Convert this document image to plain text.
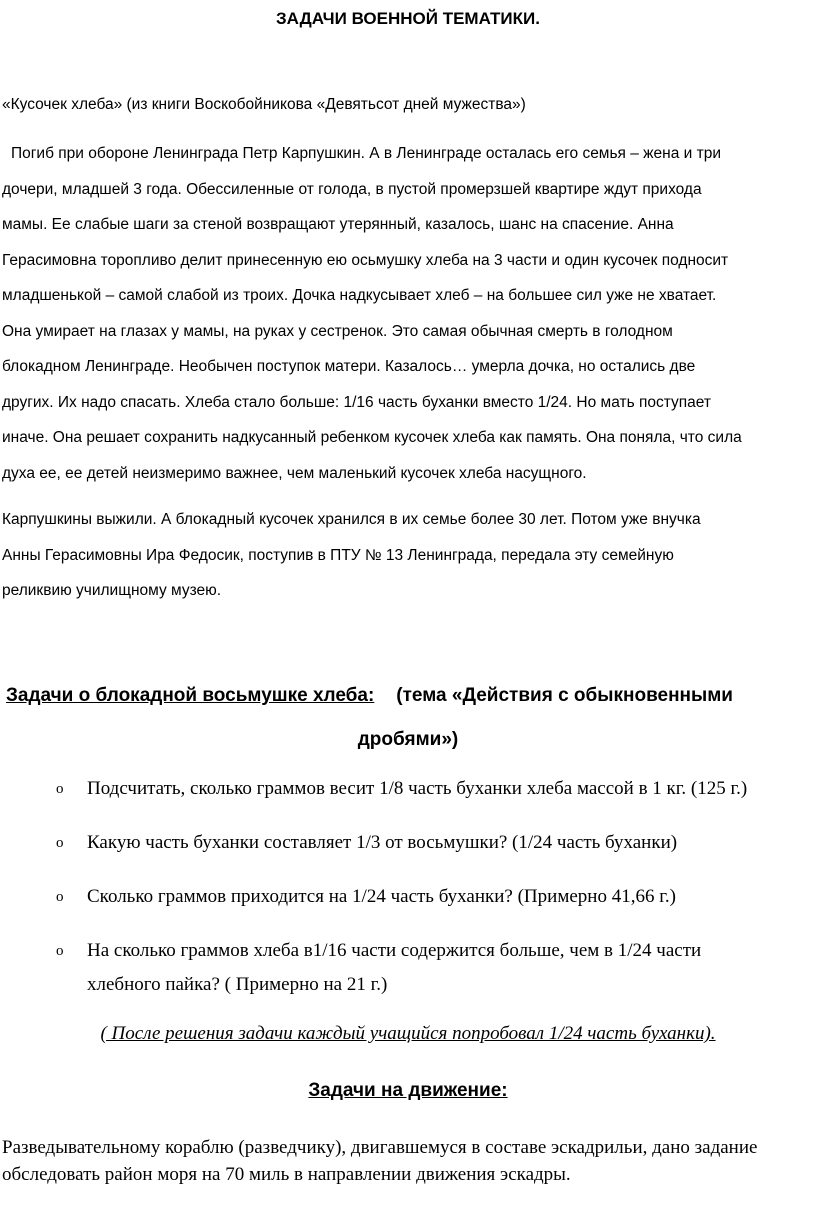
ЗАДАЧИ ВОЕННОЙ ТЕМАТИКИ.
«Кусочек хлеба» (из книги Воскобойникова «Девятьсот дней мужества»)

Погиб при обороне Ленинграда Петр Карпушкин. А в Ленинграде осталась его семья – жена и три
дочери, младшей 3 года. Обессиленные от голода, в пустой промерзшей квартире ждут прихода
мамы. Ее слабые шаги за стеной возвращают утерянный, казалось, шанс на спасение. Анна
Герасимовна торопливо делит принесенную ею осьмушку хлеба на 3 части и один кусочек подносит
младшенькой – самой слабой из троих. Дочка надкусывает хлеб – на большее сил уже не хватает.
Она умирает на глазах у мамы, на руках у сестренок. Это самая обычная смерть в голодном
блокадном Ленинграде. Необычен поступок матери. Казалось… умерла дочка, но остались две
других. Их надо спасать. Хлеба стало больше: 1/16 часть буханки вместо 1/24. Но мать поступает
иначе. Она решает сохранить надкусанный ребенком кусочек хлеба как память. Она поняла, что сила
духа ее, ее детей неизмеримо важнее, чем маленький кусочек хлеба насущного.

Карпушкины выжили. А блокадный кусочек хранился в их семье более 30 лет. Потом уже внучка
Анны Герасимовны Ира Федосик, поступив в ПТУ № 13 Ленинграда, передала эту семейную
реликвию училищному музею.

Задачи о блокадной восьмушке хлеба: (тема «Действия с обыкновенными
дробями»)
o Подсчитать, сколько граммов весит 1/8 часть буханки хлеба массой в 1 кг. (125 г.)
o Какую часть буханки составляет 1/3 от восьмушки? (1/24 часть буханки)
o Сколько граммов приходится на 1/24 часть буханки? (Примерно 41,66 г.)
o На сколько граммов хлеба в1/16 части содержится больше, чем в 1/24 части
хлебного пайка? ( Примерно на 21 г.)
( После решения задачи каждый учащийся попробовал 1/24 часть буханки).
Задачи на движение:
Разведывательному кораблю (разведчику), двигавшемуся в составе эскадрильи, дано задание
обследовать район моря на 70 миль в направлении движения эскадры.
